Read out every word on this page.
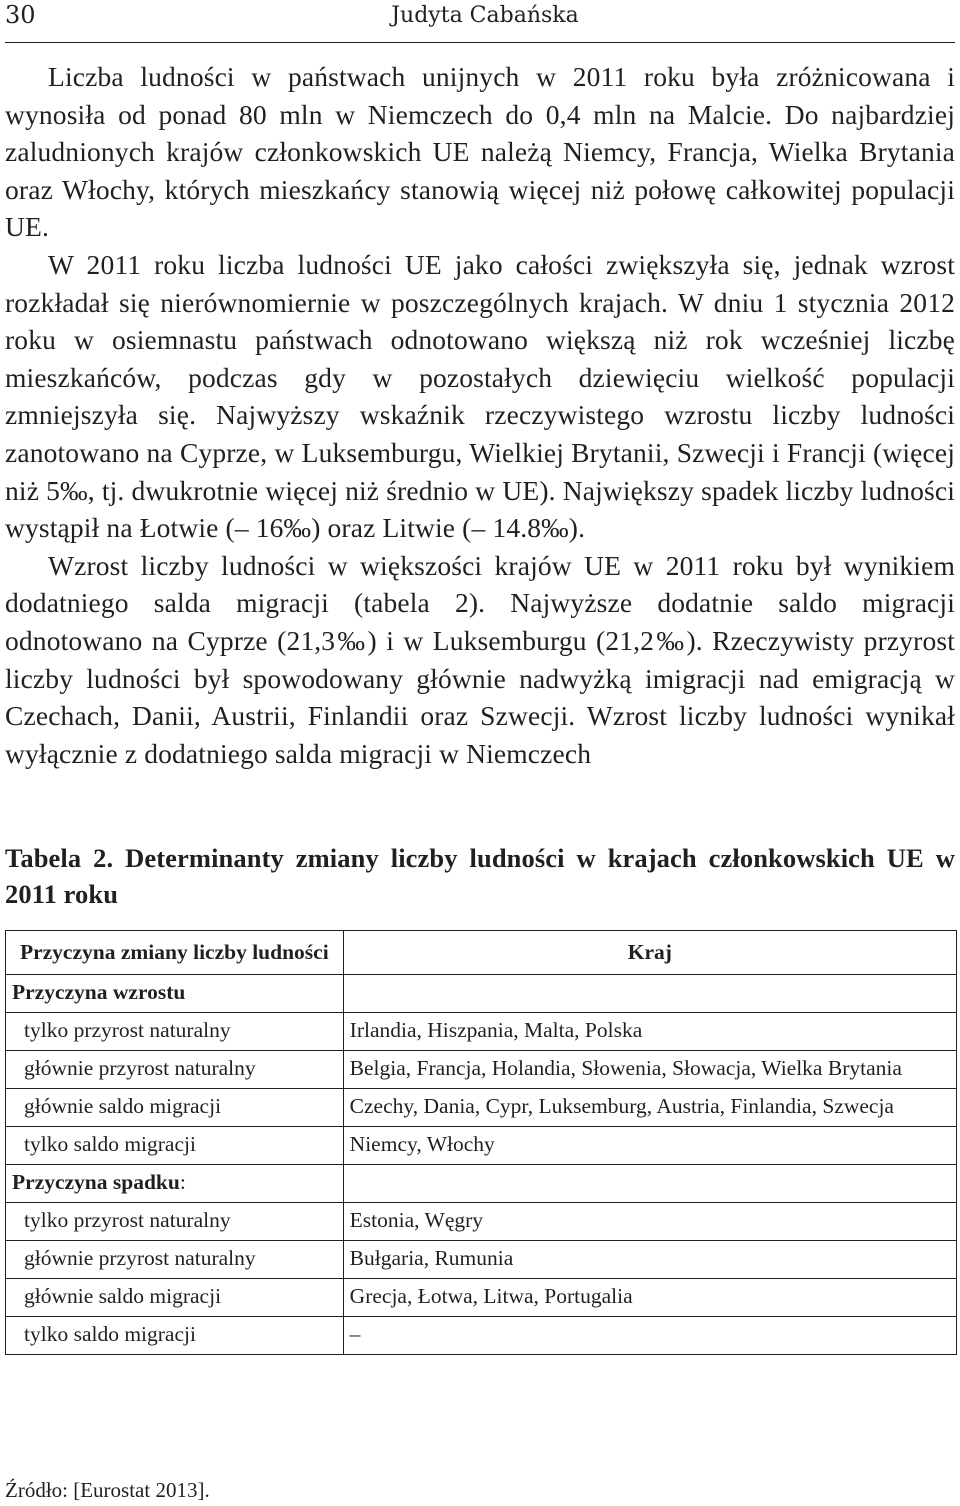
30	Judyta Cabańska

Liczba ludności w państwach unijnych w 2011 roku była zróżnicowana i wynosiła od ponad 80 mln w Niemczech do 0,4 mln na Malcie. Do najbardziej zaludnionych krajów członkowskich UE należą Niemcy, Francja, Wielka Brytania oraz Włochy, których mieszkańcy stanowią więcej niż połowę całkowitej populacji UE.

W 2011 roku liczba ludności UE jako całości zwiększyła się, jednak wzrost rozkładał się nierównomiernie w poszczególnych krajach. W dniu 1 stycznia 2012 roku w osiemnastu państwach odnotowano większą niż rok wcześniej liczbę mieszkańców, podczas gdy w pozostałych dziewięciu wielkość populacji zmniejszyła się. Najwyższy wskaźnik rzeczywistego wzrostu liczby ludności zanotowano na Cyprze, w Luksemburgu, Wielkiej Brytanii, Szwecji i Francji (więcej niż 5‰, tj. dwukrotnie więcej niż średnio w UE). Największy spadek liczby ludności wystąpił na Łotwie (– 16‰) oraz Litwie (– 14.8‰).

Wzrost liczby ludności w większości krajów UE w 2011 roku był wynikiem dodatniego salda migracji (tabela 2). Najwyższe dodatnie saldo migracji odnotowano na Cyprze (21,3‰) i w Luksemburgu (21,2‰). Rzeczywisty przyrost liczby ludności był spowodowany głównie nadwyżką imigracji nad emigracją w Czechach, Danii, Austrii, Finlandii oraz Szwecji. Wzrost liczby ludności wynikał wyłącznie z dodatniego salda migracji w Niemczech

Tabela 2. Determinanty zmiany liczby ludności w krajach członkowskich UE w 2011 roku
Przyczyna zmiany liczby ludności	Kraj
Przyczyna wzrostu	
tylko przyrost naturalny	Irlandia, Hiszpania, Malta, Polska
głównie przyrost naturalny	Belgia, Francja, Holandia, Słowenia, Słowacja, Wielka Brytania
głównie saldo migracji	Czechy, Dania, Cypr, Luksemburg, Austria, Finlandia, Szwecja
tylko saldo migracji	Niemcy, Włochy
Przyczyna spadku:	
tylko przyrost naturalny	Estonia, Węgry
głównie przyrost naturalny	Bułgaria, Rumunia
głównie saldo migracji	Grecja, Łotwa, Litwa, Portugalia
tylko saldo migracji	–
Źródło: [Eurostat 2013].
